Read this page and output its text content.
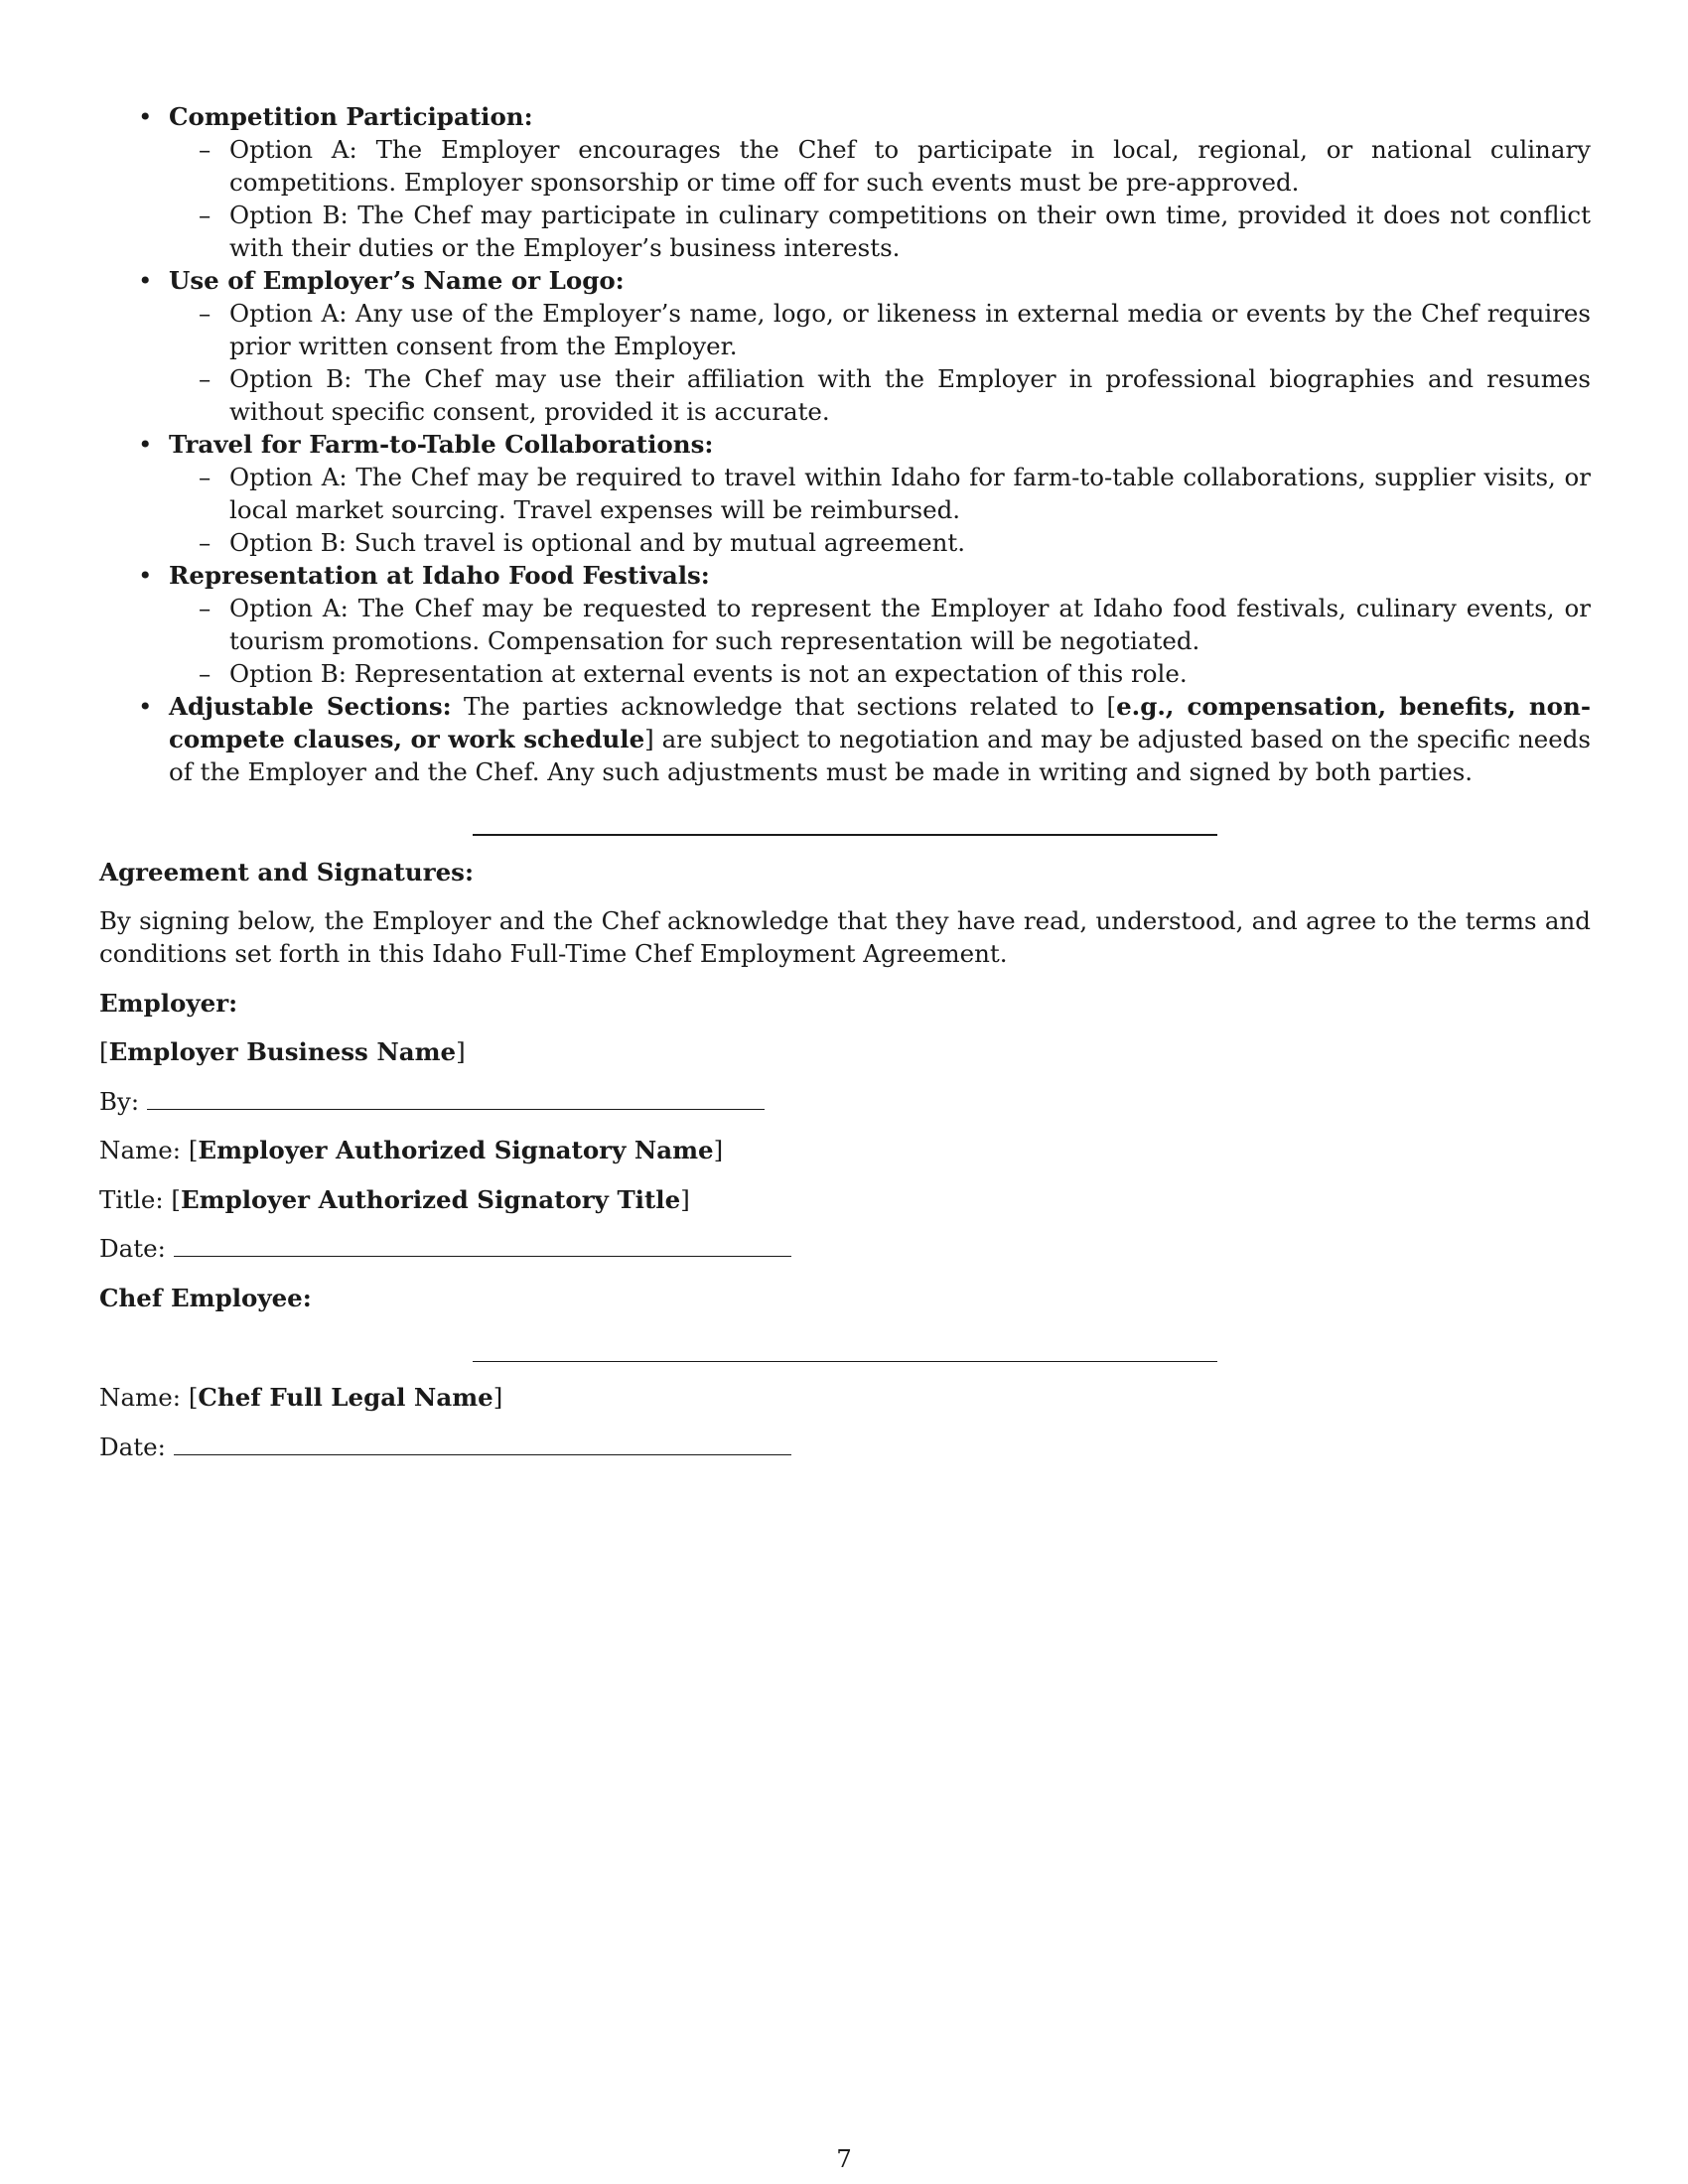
• Competition Participation:
– Option A: The Employer encourages the Chef to participate in local, regional, or national culinary competitions. Employer sponsorship or time off for such events must be pre-approved.
– Option B: The Chef may participate in culinary competitions on their own time, provided it does not conflict with their duties or the Employer’s business interests.
• Use of Employer’s Name or Logo:
– Option A: Any use of the Employer’s name, logo, or likeness in external media or events by the Chef requires prior written consent from the Employer.
– Option B: The Chef may use their affiliation with the Employer in professional biographies and resumes without specific consent, provided it is accurate.
• Travel for Farm-to-Table Collaborations:
– Option A: The Chef may be required to travel within Idaho for farm-to-table collaborations, supplier visits, or local market sourcing. Travel expenses will be reimbursed.
– Option B: Such travel is optional and by mutual agreement.
• Representation at Idaho Food Festivals:
– Option A: The Chef may be requested to represent the Employer at Idaho food festivals, culinary events, or tourism promotions. Compensation for such representation will be negotiated.
– Option B: Representation at external events is not an expectation of this role.
• Adjustable Sections: The parties acknowledge that sections related to [e.g., compensation, benefits, non-compete clauses, or work schedule] are subject to negotiation and may be adjusted based on the specific needs of the Employer and the Chef. Any such adjustments must be made in writing and signed by both parties.
Agreement and Signatures:
By signing below, the Employer and the Chef acknowledge that they have read, understood, and agree to the terms and conditions set forth in this Idaho Full-Time Chef Employment Agreement.
Employer:
[Employer Business Name]
By:
Name: [Employer Authorized Signatory Name]
Title: [Employer Authorized Signatory Title]
Date:
Chef Employee:
Name: [Chef Full Legal Name]
Date:
7
